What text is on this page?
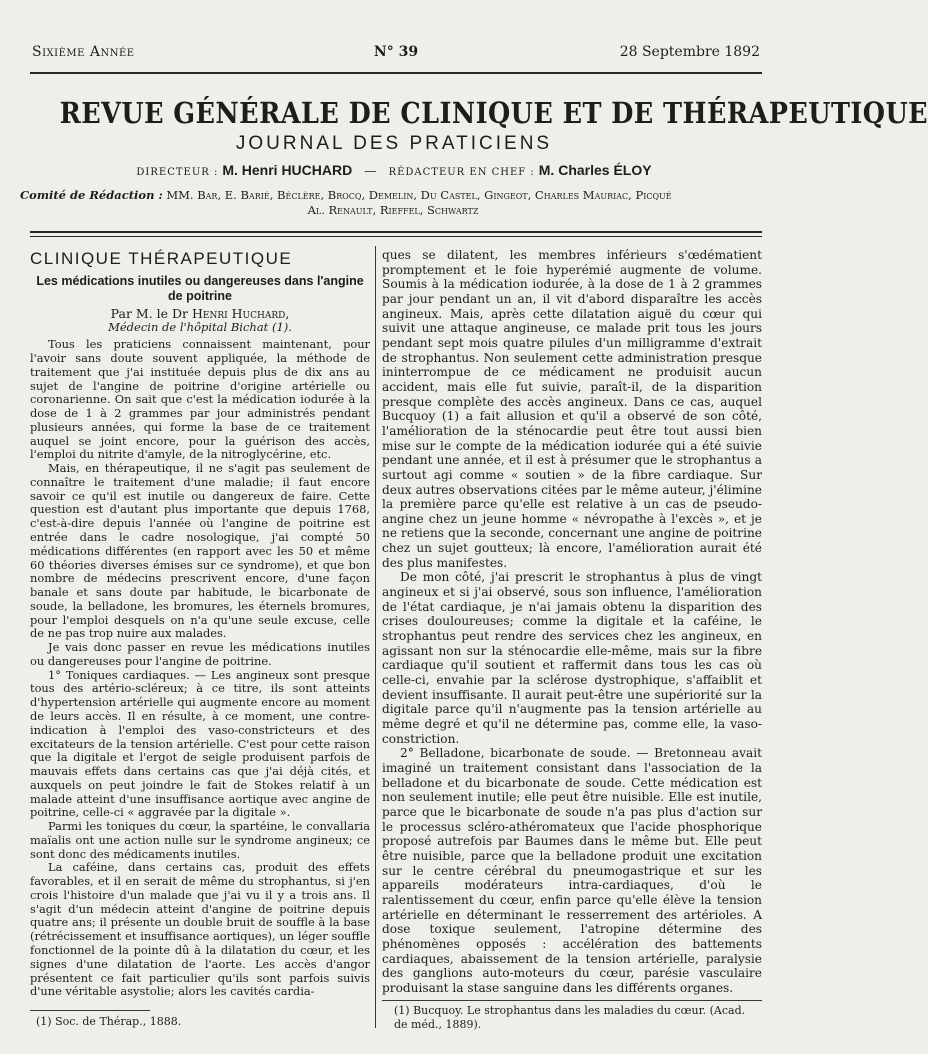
Sixième Année	N° 39	28 Septembre 1892
REVUE GÉNÉRALE DE CLINIQUE ET DE THÉRAPEUTIQUE
JOURNAL DES PRATICIENS
DIRECTEUR : M. Henri HUCHARD   —   RÉDACTEUR EN CHEF : M. Charles ÉLOY
Comité de Rédaction : MM. Bar, E. Barié, Béclère, Brocq, Demelin, Du Castel, Gingeot, Charles Mauriac, Picqué
Al. Renault, Rieffel, Schwartz
CLINIQUE THÉRAPEUTIQUE
Les médications inutiles ou dangereuses dans l'angine de poitrine
Par M. le Dr Henri Huchard,
Médecin de l'hôpital Bichat (1).

Tous les praticiens connaissent maintenant, pour l'avoir sans doute souvent appliquée, la méthode de traitement que j'ai instituée depuis plus de dix ans au sujet de l'angine de poitrine d'origine artérielle ou coronarienne. On sait que c'est la médication iodurée à la dose de 1 à 2 grammes par jour administrés pendant plusieurs années, qui forme la base de ce traitement auquel se joint encore, pour la guérison des accès, l'emploi du nitrite d'amyle, de la nitroglycérine, etc.

Mais, en thérapeutique, il ne s'agit pas seulement de connaître le traitement d'une maladie; il faut encore savoir ce qu'il est inutile ou dangereux de faire. Cette question est d'autant plus importante que depuis 1768, c'est-à-dire depuis l'année où l'angine de poitrine est entrée dans le cadre nosologique, j'ai compté 50 médications différentes (en rapport avec les 50 et même 60 théories diverses émises sur ce syndrome), et que bon nombre de médecins prescrivent encore, d'une façon banale et sans doute par habitude, le bicarbonate de soude, la belladone, les bromures, les éternels bromures, pour l'emploi desquels on n'a qu'une seule excuse, celle de ne pas trop nuire aux malades.

Je vais donc passer en revue les médications inutiles ou dangereuses pour l'angine de poitrine.

1° Toniques cardiaques. — Les angineux sont presque tous des artério-scléreux; à ce titre, ils sont atteints d'hypertension artérielle qui augmente encore au moment de leurs accès. Il en résulte, à ce moment, une contre-indication à l'emploi des vaso-constricteurs et des excitateurs de la tension artérielle. C'est pour cette raison que la digitale et l'ergot de seigle produisent parfois de mauvais effets dans certains cas que j'ai déjà cités, et auxquels on peut joindre le fait de Stokes relatif à un malade atteint d'une insuffisance aortique avec angine de poitrine, celle-ci « aggravée par la digitale ».

Parmi les toniques du cœur, la spartéine, le convallaria maïalis ont une action nulle sur le syndrome angineux; ce sont donc des médicaments inutiles.

La caféine, dans certains cas, produit des effets favorables, et il en serait de même du strophantus, si j'en crois l'histoire d'un malade que j'ai vu il y a trois ans. Il s'agit d'un médecin atteint d'angine de poitrine depuis quatre ans; il présente un double bruit de souffle à la base (rétrécissement et insuffisance aortiques), un léger souffle fonctionnel de la pointe dû à la dilatation du cœur, et les signes d'une dilatation de l'aorte. Les accès d'angor présentent ce fait particulier qu'ils sont parfois suivis d'une véritable asystolie; alors les cavités cardia-

ques se dilatent, les membres inférieurs s'œdématient promptement et le foie hyperémié augmente de volume. Soumis à la médication iodurée, à la dose de 1 à 2 grammes par jour pendant un an, il vit d'abord disparaître les accès angineux. Mais, après cette dilatation aiguë du cœur qui suivit une attaque angineuse, ce malade prit tous les jours pendant sept mois quatre pilules d'un milligramme d'extrait de strophantus. Non seulement cette administration presque ininterrompue de ce médicament ne produisit aucun accident, mais elle fut suivie, paraît-il, de la disparition presque complète des accès angineux. Dans ce cas, auquel Bucquoy (1) a fait allusion et qu'il a observé de son côté, l'amélioration de la sténocardie peut être tout aussi bien mise sur le compte de la médication iodurée qui a été suivie pendant une année, et il est à présumer que le strophantus a surtout agi comme « soutien » de la fibre cardiaque. Sur deux autres observations citées par le même auteur, j'élimine la première parce qu'elle est relative à un cas de pseudo-angine chez un jeune homme « névropathe à l'excès », et je ne retiens que la seconde, concernant une angine de poitrine chez un sujet goutteux; là encore, l'amélioration aurait été des plus manifestes.

De mon côté, j'ai prescrit le strophantus à plus de vingt angineux et si j'ai observé, sous son influence, l'amélioration de l'état cardiaque, je n'ai jamais obtenu la disparition des crises douloureuses; comme la digitale et la caféine, le strophantus peut rendre des services chez les angineux, en agissant non sur la sténocardie elle-même, mais sur la fibre cardiaque qu'il soutient et raffermit dans tous les cas où celle-ci, envahie par la sclérose dystrophique, s'affaiblit et devient insuffisante. Il aurait peut-être une supériorité sur la digitale parce qu'il n'augmente pas la tension artérielle au même degré et qu'il ne détermine pas, comme elle, la vaso-constriction.

2° Belladone, bicarbonate de soude. — Bretonneau avait imaginé un traitement consistant dans l'association de la belladone et du bicarbonate de soude. Cette médication est non seulement inutile; elle peut être nuisible. Elle est inutile, parce que le bicarbonate de soude n'a pas plus d'action sur le processus scléro-athéromateux que l'acide phosphorique proposé autrefois par Baumes dans le même but. Elle peut être nuisible, parce que la belladone produit une excitation sur le centre cérébral du pneumogastrique et sur les appareils modérateurs intra-cardiaques, d'où le ralentissement du cœur, enfin parce qu'elle élève la tension artérielle en déterminant le resserrement des artérioles. A dose toxique seulement, l'atropine détermine des phénomènes opposés : accélération des battements cardiaques, abaissement de la tension artérielle, paralysie des ganglions auto-moteurs du cœur, parésie vasculaire produisant la stase sanguine dans les différents organes.

(1) Soc. de Thérap., 1888.
(1) Bucquoy. Le strophantus dans les maladies du cœur. (Acad. de méd., 1889).
